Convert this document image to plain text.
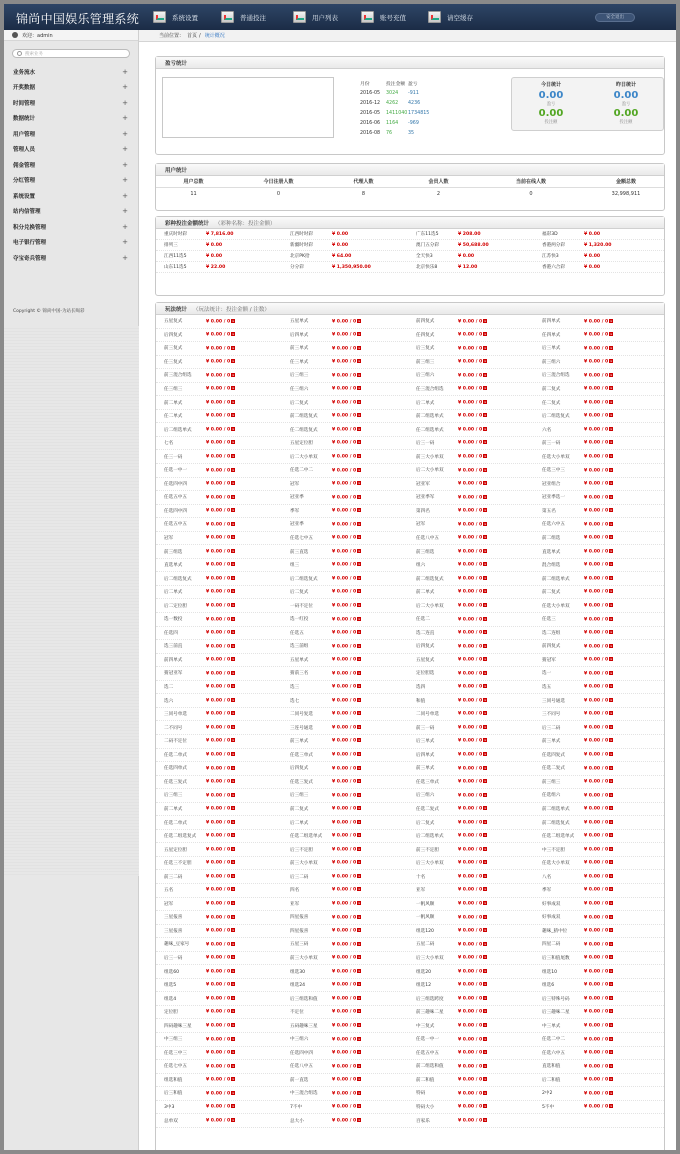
锦尚中国娱乐管理系统	系统设置	普通投注	用户列表	账号充值	请空缓存	安全退出
欢迎：admin
搜索业务
业务流水	+
开奖数据	+
时间管理	+
数据统计	+
用户管理	+
管理人员	+
佣金管理	+
分红管理	+
系统设置	+
站内信管理	+
积分兑换管理	+
电子银行管理	+
夺宝奇兵管理	+
Copyright © 锦尚中国-为站长喝彩
当前位置： 首页 / 统计概况
盈亏统计
月份	投注金额 盈亏
2016-05	3024	-911
2016-12	4262	4236
2016-05	1411040 1734815
2016-06	1164	-969
2016-08	76	35
今日统计
0.00
盈亏
0.00
投注额
昨日统计
0.00
盈亏
0.00
投注额
用户统计
用户总数	今日注册人数	代理人数	会员人数	当前在线人数	金额总数
11	0	8	2	0	32,998,911
彩种投注金额统计 （彩种名称：投注金额）
重庆时时彩	¥ 7,816.00	江西时时彩	¥ 0.00	广东11选5	¥ 208.00	福彩3D	¥ 0.00
排列三	¥ 0.00	新疆时时彩	¥ 0.00	澳门五分彩	¥ 50,688.00	香港两分彩	¥ 1,320.00
江西11选5	¥ 0.00	北京PK拾	¥ 64.00	全天快3	¥ 0.00	江苏快3	¥ 0.00
山东11选5	¥ 22.00	分分彩	¥ 1,350,950.00	北京快乐8	¥ 12.00	香港六合彩	¥ 0.00
玩法统计 （玩法统计：投注金额 / 注数）
五星复式	¥ 0.00 / 0 ×	五星单式	¥ 0.00 / 0 ×	前四复式	¥ 0.00 / 0 ×	前四单式	¥ 0.00 / 0 ×
后四复式	¥ 0.00 / 0 ×	后四单式	¥ 0.00 / 0 ×	任四复式	¥ 0.00 / 0 ×	任四单式	¥ 0.00 / 0 ×
前三复式	¥ 0.00 / 0 ×	前三单式	¥ 0.00 / 0 ×	后三复式	¥ 0.00 / 0 ×	后三单式	¥ 0.00 / 0 ×
任三复式	¥ 0.00 / 0 ×	任三单式	¥ 0.00 / 0 ×	前三组三	¥ 0.00 / 0 ×	前三组六	¥ 0.00 / 0 ×
前三混合组选	¥ 0.00 / 0 ×	后三组三	¥ 0.00 / 0 ×	后三组六	¥ 0.00 / 0 ×	后三混合组选	¥ 0.00 / 0 ×
任三组三	¥ 0.00 / 0 ×	任三组六	¥ 0.00 / 0 ×	任三混合组选	¥ 0.00 / 0 ×	前二复式	¥ 0.00 / 0 ×
前二单式	¥ 0.00 / 0 ×	后二复式	¥ 0.00 / 0 ×	后二单式	¥ 0.00 / 0 ×	任二复式	¥ 0.00 / 0 ×
任二单式	¥ 0.00 / 0 ×	前二组选复式	¥ 0.00 / 0 ×	前二组选单式	¥ 0.00 / 0 ×	后二组选复式	¥ 0.00 / 0 ×
后二组选单式	¥ 0.00 / 0 ×	任二组选复式	¥ 0.00 / 0 ×	任二组选单式	¥ 0.00 / 0 ×	六名	¥ 0.00 / 0 ×
七名	¥ 0.00 / 0 ×	五星定位胆	¥ 0.00 / 0 ×	后三一码	¥ 0.00 / 0 ×	前三一码	¥ 0.00 / 0 ×
任三一码	¥ 0.00 / 0 ×	后二大小单双	¥ 0.00 / 0 ×	前三大小单双	¥ 0.00 / 0 ×	任选大小单双	¥ 0.00 / 0 ×
任选一中一	¥ 0.00 / 0 ×	任选二中二	¥ 0.00 / 0 ×	后二大小单双	¥ 0.00 / 0 ×	任选三中三	¥ 0.00 / 0 ×
任选四中四	¥ 0.00 / 0 ×	冠军	¥ 0.00 / 0 ×	冠亚军	¥ 0.00 / 0 ×	冠亚组合	¥ 0.00 / 0 ×
任选五中五	¥ 0.00 / 0 ×	冠亚季	¥ 0.00 / 0 ×	冠亚季军	¥ 0.00 / 0 ×	冠亚季选一	¥ 0.00 / 0 ×
任选四中四	¥ 0.00 / 0 ×	季军	¥ 0.00 / 0 ×	第四名	¥ 0.00 / 0 ×	第五名	¥ 0.00 / 0 ×
任选五中五	¥ 0.00 / 0 ×	冠亚季	¥ 0.00 / 0 ×	冠军	¥ 0.00 / 0 ×	任选六中五	¥ 0.00 / 0 ×
冠军	¥ 0.00 / 0 ×	任选七中五	¥ 0.00 / 0 ×	任选八中五	¥ 0.00 / 0 ×	前二组选	¥ 0.00 / 0 ×
前三组选	¥ 0.00 / 0 ×	前三直选	¥ 0.00 / 0 ×	前三组选	¥ 0.00 / 0 ×	直选单式	¥ 0.00 / 0 ×
直选单式	¥ 0.00 / 0 ×	组三	¥ 0.00 / 0 ×	组六	¥ 0.00 / 0 ×	混合组选	¥ 0.00 / 0 ×
后二组选复式	¥ 0.00 / 0 ×	后二组选复式	¥ 0.00 / 0 ×	前二组选复式	¥ 0.00 / 0 ×	前二组选单式	¥ 0.00 / 0 ×
后二单式	¥ 0.00 / 0 ×	后二复式	¥ 0.00 / 0 ×	前二单式	¥ 0.00 / 0 ×	前二复式	¥ 0.00 / 0 ×
后二定位胆	¥ 0.00 / 0 ×	一码不定位	¥ 0.00 / 0 ×	后二大小单双	¥ 0.00 / 0 ×	任选大小单双	¥ 0.00 / 0 ×
选一数投	¥ 0.00 / 0 ×	选一红投	¥ 0.00 / 0 ×	任选二	¥ 0.00 / 0 ×	任选三	¥ 0.00 / 0 ×
任选四	¥ 0.00 / 0 ×	任选五	¥ 0.00 / 0 ×	选二连直	¥ 0.00 / 0 ×	选二连组	¥ 0.00 / 0 ×
选三前直	¥ 0.00 / 0 ×	选三前组	¥ 0.00 / 0 ×	后四复式	¥ 0.00 / 0 ×	前四复式	¥ 0.00 / 0 ×
前四单式	¥ 0.00 / 0 ×	五星单式	¥ 0.00 / 0 ×	五星复式	¥ 0.00 / 0 ×	猜冠军	¥ 0.00 / 0 ×
猜冠亚军	¥ 0.00 / 0 ×	猜前三名	¥ 0.00 / 0 ×	定位胆选	¥ 0.00 / 0 ×	选一	¥ 0.00 / 0 ×
选二	¥ 0.00 / 0 ×	选三	¥ 0.00 / 0 ×	选四	¥ 0.00 / 0 ×	选五	¥ 0.00 / 0 ×
选六	¥ 0.00 / 0 ×	选七	¥ 0.00 / 0 ×	和值	¥ 0.00 / 0 ×	三同号通选	¥ 0.00 / 0 ×
三同号单选	¥ 0.00 / 0 ×	二同号复选	¥ 0.00 / 0 ×	二同号单选	¥ 0.00 / 0 ×	三不同号	¥ 0.00 / 0 ×
二不同号	¥ 0.00 / 0 ×	三连号通选	¥ 0.00 / 0 ×	前三一码	¥ 0.00 / 0 ×	后三二码	¥ 0.00 / 0 ×
二码不定位	¥ 0.00 / 0 ×	前三单式	¥ 0.00 / 0 ×	后三单式	¥ 0.00 / 0 ×	前三单式	¥ 0.00 / 0 ×
任选二单式	¥ 0.00 / 0 ×	任选三单式	¥ 0.00 / 0 ×	后四单式	¥ 0.00 / 0 ×	任选四复式	¥ 0.00 / 0 ×
任选四单式	¥ 0.00 / 0 ×	后四复式	¥ 0.00 / 0 ×	前三单式	¥ 0.00 / 0 ×	任选二复式	¥ 0.00 / 0 ×
任选三复式	¥ 0.00 / 0 ×	任选三复式	¥ 0.00 / 0 ×	任选三单式	¥ 0.00 / 0 ×	前三组三	¥ 0.00 / 0 ×
后三组三	¥ 0.00 / 0 ×	后三组三	¥ 0.00 / 0 ×	后三组六	¥ 0.00 / 0 ×	任选组六	¥ 0.00 / 0 ×
前二单式	¥ 0.00 / 0 ×	前二复式	¥ 0.00 / 0 ×	任选二复式	¥ 0.00 / 0 ×	前二组选单式	¥ 0.00 / 0 ×
任选二单式	¥ 0.00 / 0 ×	后二单式	¥ 0.00 / 0 ×	后二复式	¥ 0.00 / 0 ×	前二组选复式	¥ 0.00 / 0 ×
任选二组选复式	¥ 0.00 / 0 ×	任选二组选单式	¥ 0.00 / 0 ×	后二组选单式	¥ 0.00 / 0 ×	任选二组选单式	¥ 0.00 / 0 ×
五星定位胆	¥ 0.00 / 0 ×	后三不定胆	¥ 0.00 / 0 ×	前三不定胆	¥ 0.00 / 0 ×	中三不定胆	¥ 0.00 / 0 ×
任选三不定胆	¥ 0.00 / 0 ×	前三大小单双	¥ 0.00 / 0 ×	后三大小单双	¥ 0.00 / 0 ×	任选大小单双	¥ 0.00 / 0 ×
前三二码	¥ 0.00 / 0 ×	后三二码	¥ 0.00 / 0 ×	十名	¥ 0.00 / 0 ×	八名	¥ 0.00 / 0 ×
五名	¥ 0.00 / 0 ×	四名	¥ 0.00 / 0 ×	亚军	¥ 0.00 / 0 ×	季军	¥ 0.00 / 0 ×
冠军	¥ 0.00 / 0 ×	亚军	¥ 0.00 / 0 ×	一帆风顺	¥ 0.00 / 0 ×	好事成双	¥ 0.00 / 0 ×
三星报喜	¥ 0.00 / 0 ×	四星报喜	¥ 0.00 / 0 ×	一帆风顺	¥ 0.00 / 0 ×	好事成双	¥ 0.00 / 0 ×
三星报喜	¥ 0.00 / 0 ×	四星报喜	¥ 0.00 / 0 ×	组选120	¥ 0.00 / 0 ×	趣味_猜中位	¥ 0.00 / 0 ×
趣味_豆家号	¥ 0.00 / 0 ×	五星三码	¥ 0.00 / 0 ×	五星二码	¥ 0.00 / 0 ×	四星二码	¥ 0.00 / 0 ×
后三一码	¥ 0.00 / 0 ×	前三大小单双	¥ 0.00 / 0 ×	后三大小单双	¥ 0.00 / 0 ×	后三和值尾数	¥ 0.00 / 0 ×
组选60	¥ 0.00 / 0 ×	组选30	¥ 0.00 / 0 ×	组选20	¥ 0.00 / 0 ×	组选10	¥ 0.00 / 0 ×
组选5	¥ 0.00 / 0 ×	组选24	¥ 0.00 / 0 ×	组选12	¥ 0.00 / 0 ×	组选6	¥ 0.00 / 0 ×
组选4	¥ 0.00 / 0 ×	后三组选和值	¥ 0.00 / 0 ×	后三组选跨度	¥ 0.00 / 0 ×	后三特殊号码	¥ 0.00 / 0 ×
定位胆	¥ 0.00 / 0 ×	不定位	¥ 0.00 / 0 ×	前三趣味二星	¥ 0.00 / 0 ×	后三趣味二星	¥ 0.00 / 0 ×
四码趣味三星	¥ 0.00 / 0 ×	五码趣味三星	¥ 0.00 / 0 ×	中三复式	¥ 0.00 / 0 ×	中三单式	¥ 0.00 / 0 ×
中三组三	¥ 0.00 / 0 ×	中三组六	¥ 0.00 / 0 ×	任选一中一	¥ 0.00 / 0 ×	任选二中二	¥ 0.00 / 0 ×
任选三中三	¥ 0.00 / 0 ×	任选四中四	¥ 0.00 / 0 ×	任选五中五	¥ 0.00 / 0 ×	任选六中五	¥ 0.00 / 0 ×
任选七中五	¥ 0.00 / 0 ×	任选八中五	¥ 0.00 / 0 ×	前二组选和值	¥ 0.00 / 0 ×	直选和值	¥ 0.00 / 0 ×
组选和值	¥ 0.00 / 0 ×	前一直选	¥ 0.00 / 0 ×	前二和值	¥ 0.00 / 0 ×	后二和值	¥ 0.00 / 0 ×
后三和值	¥ 0.00 / 0 ×	中三混合组选	¥ 0.00 / 0 ×	特码	¥ 0.00 / 0 ×	2中2	¥ 0.00 / 0 ×
3中3	¥ 0.00 / 0 ×	7不中	¥ 0.00 / 0 ×	特码大小	¥ 0.00 / 0 ×	5不中	¥ 0.00 / 0 ×
总单双	¥ 0.00 / 0 ×	总大小	¥ 0.00 / 0 ×	百家乐	¥ 0.00 / 0 ×
